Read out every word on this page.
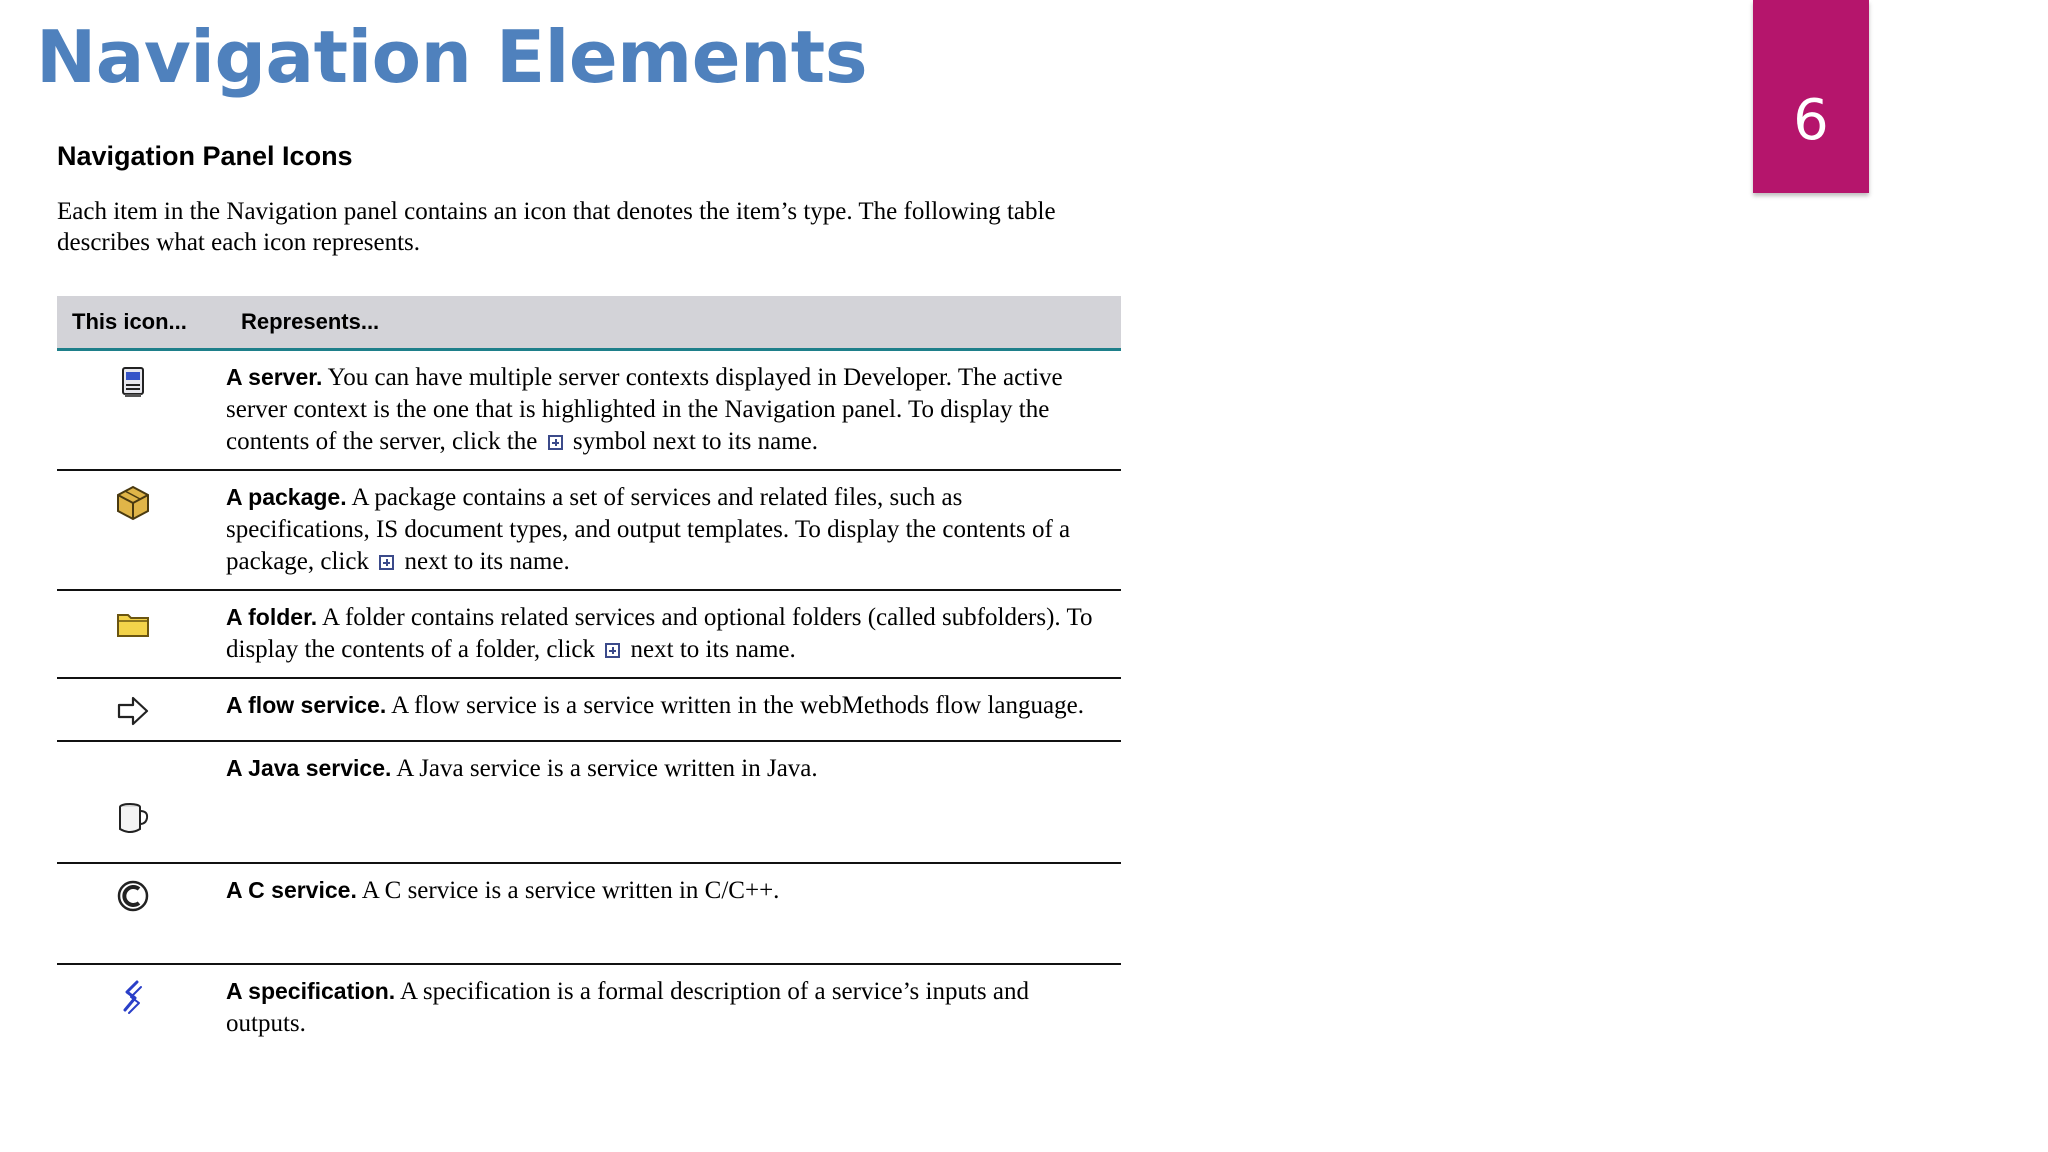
Navigation Elements
6
Navigation Panel Icons

Each item in the Navigation panel contains an icon that denotes the item’s type. The following table describes what each icon represents.

This icon...	Represents...
	A server. You can have multiple server contexts displayed in Developer. The active server context is the one that is highlighted in the Navigation panel. To display the contents of the server, click the  symbol next to its name.
	A package. A package contains a set of services and related files, such as specifications, IS document types, and output templates. To display the contents of a package, click  next to its name.
	A folder. A folder contains related services and optional folders (called subfolders). To display the contents of a folder, click  next to its name.
	A flow service. A flow service is a service written in the webMethods flow language.
	A Java service. A Java service is a service written in Java.
	A C service. A C service is a service written in C/C++.
	A specification. A specification is a formal description of a service’s inputs and outputs.
